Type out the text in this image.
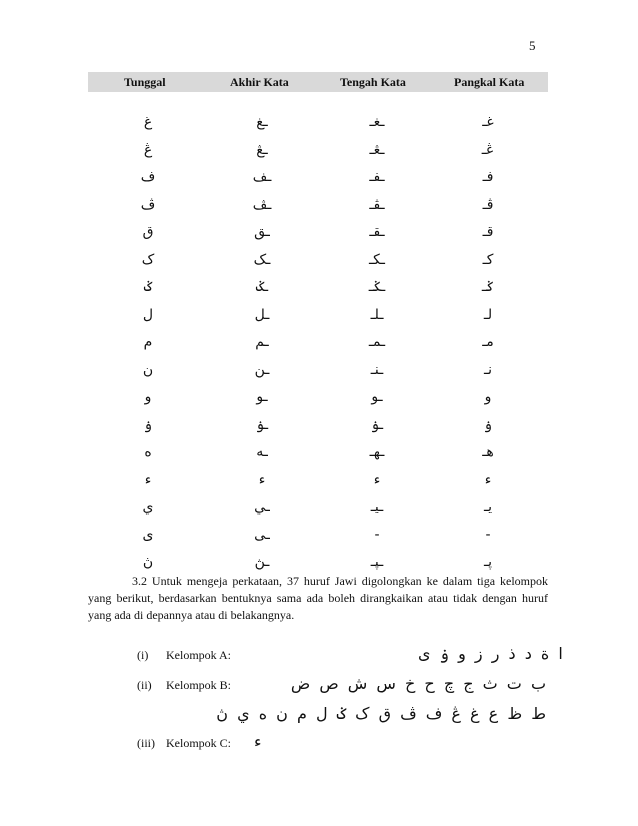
5
Tunggal	Akhir Kata	Tengah Kata	Pangkal Kata
غ	ـغ	ـغـ	غـ
ڠ	ـڠ	ـڠـ	ڠـ
ف	ـف	ـفـ	فـ
ڤ	ـڤ	ـڤـ	ڤـ
ق	ـق	ـقـ	قـ
ک	ـک	ـکـ	کـ
ݢ	ـݢ	ـݢـ	ݢـ
ل	ـل	ـلـ	لـ
م	ـم	ـمـ	مـ
ن	ـن	ـنـ	نـ
و	ـو	ـو	و
ۏ	ـۏ	ـۏ	ۏ
ه	ـه	ـهـ	هـ
ء	ء	ء	ء
ي	ـي	ـيـ	يـ
ى	ـى	-	-
ڽ	ـڽ	ـڽـ	ڽـ
3.2 Untuk mengeja perkataan, 37 huruf Jawi digolongkan ke dalam tiga kelompok yang berikut, berdasarkan bentuknya sama ada boleh dirangkaikan atau tidak dengan huruf yang ada di depannya atau di belakangnya.
(i) Kelompok A:	ا ة د ذ ر ز و ۏ ى
(ii) Kelompok B:	ب ت ث ج چ ح خ س ش ص ض
ط ظ ع غ ڠ ف ڤ ق ک ݢ ل م ن ه ي ڽ
(iii) Kelompok C: ء
